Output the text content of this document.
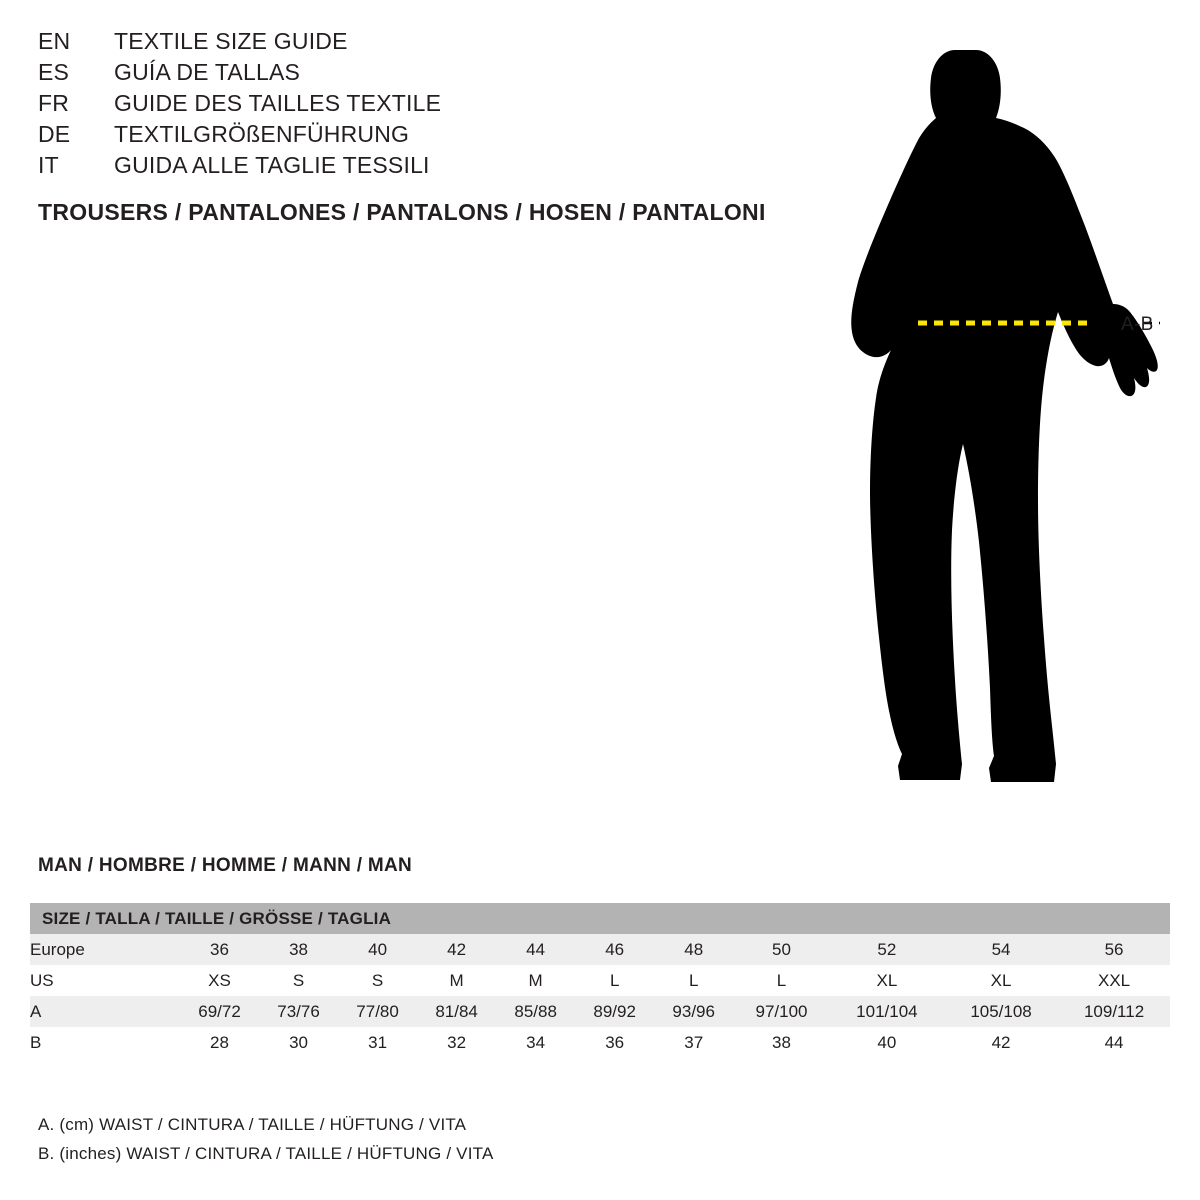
EN	TEXTILE SIZE GUIDE
ES	GUÍA DE TALLAS
FR	GUIDE DES TAILLES TEXTILE
DE	TEXTILGRÖßENFÜHRUNG
IT	GUIDA ALLE TAGLIE TESSILI
TROUSERS / PANTALONES / PANTALONS / HOSEN / PANTALONI
A-B
MAN / HOMBRE / HOMME / MANN / MAN
SIZE / TALLA / TAILLE / GRÖSSE / TAGLIA											
Europe	36	38	40	42	44	46	48	50	52	54	56
US	XS	S	S	M	M	L	L	L	XL	XL	XXL
A	69/72	73/76	77/80	81/84	85/88	89/92	93/96	97/100	101/104	105/108	109/112
B	28	30	31	32	34	36	37	38	40	42	44
A. (cm) WAIST / CINTURA / TAILLE / HÜFTUNG / VITA
B. (inches) WAIST / CINTURA / TAILLE / HÜFTUNG / VITA
